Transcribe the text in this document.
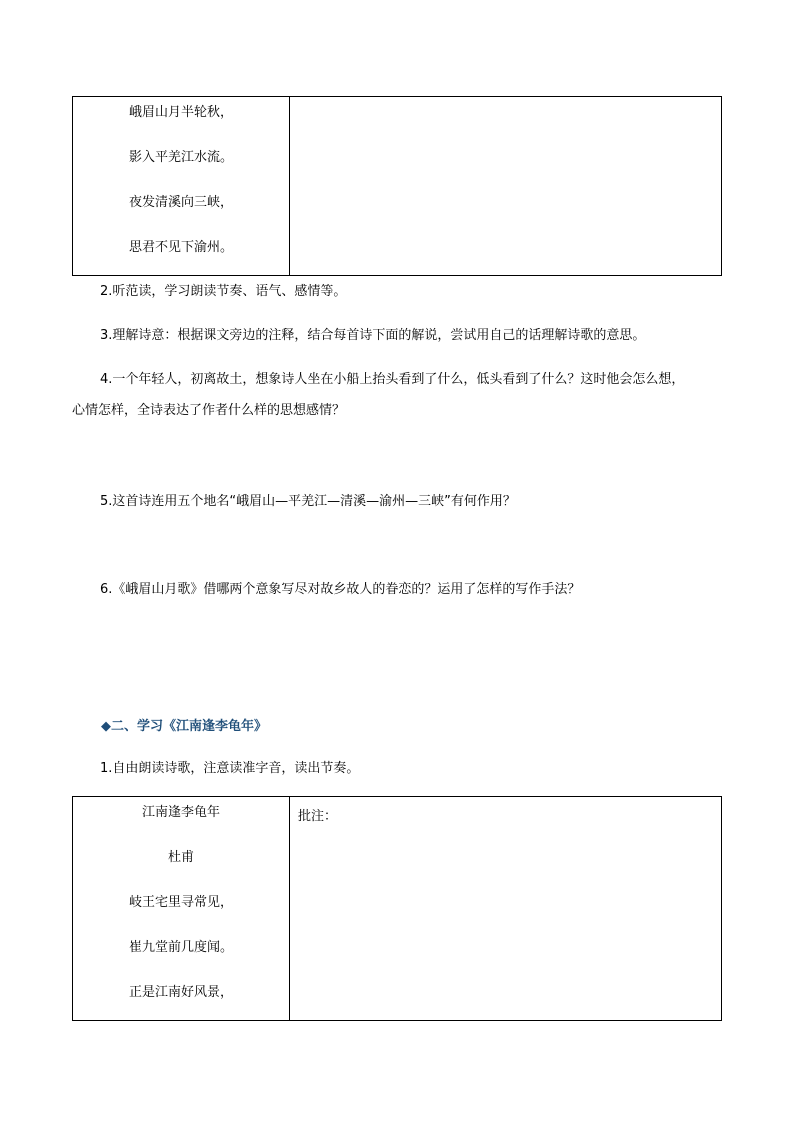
峨眉山月半轮秋，
影入平羌江水流。
夜发清溪向三峡，
思君不见下渝州。

2.听范读，学习朗读节奏、语气、感情等。
3.理解诗意：根据课文旁边的注释，结合每首诗下面的解说，尝试用自己的话理解诗歌的意思。
4.一个年轻人，初离故土，想象诗人坐在小船上抬头看到了什么，低头看到了什么？这时他会怎么想，
心情怎样，全诗表达了作者什么样的思想感情？
5.这首诗连用五个地名“峨眉山—平羌江—清溪—渝州—三峡”有何作用？
6.《峨眉山月歌》借哪两个意象写尽对故乡故人的眷恋的？运用了怎样的写作手法？
◆二、学习《江南逢李龟年》
1.自由朗读诗歌，注意读准字音，读出节奏。
江南逢李龟年
杜甫
岐王宅里寻常见，
崔九堂前几度闻。
正是江南好风景，

批注：
